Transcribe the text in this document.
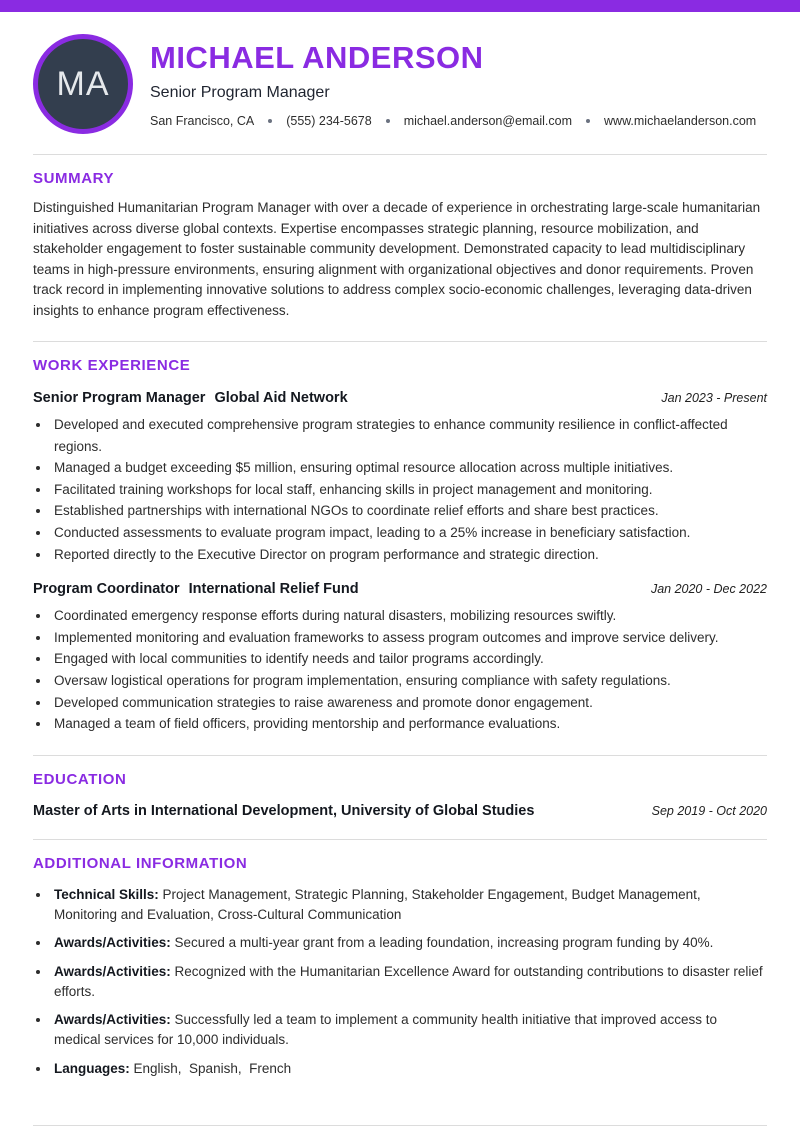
MA
MICHAEL ANDERSON
Senior Program Manager
San Francisco, CA	(555) 234-5678	michael.anderson@email.com	www.michaelanderson.com
SUMMARY

Distinguished Humanitarian Program Manager with over a decade of experience in orchestrating large-scale humanitarian initiatives across diverse global contexts. Expertise encompasses strategic planning, resource mobilization, and stakeholder engagement to foster sustainable community development. Demonstrated capacity to lead multidisciplinary teams in high-pressure environments, ensuring alignment with organizational objectives and donor requirements. Proven track record in implementing innovative solutions to address complex socio-economic challenges, leveraging data-driven insights to enhance program effectiveness.

WORK EXPERIENCE
Senior Program Manager Global Aid Network	Jan 2023 - Present
• Developed and executed comprehensive program strategies to enhance community resilience in conflict-affected regions.
• Managed a budget exceeding $5 million, ensuring optimal resource allocation across multiple initiatives.
• Facilitated training workshops for local staff, enhancing skills in project management and monitoring.
• Established partnerships with international NGOs to coordinate relief efforts and share best practices.
• Conducted assessments to evaluate program impact, leading to a 25% increase in beneficiary satisfaction.
• Reported directly to the Executive Director on program performance and strategic direction.
Program Coordinator International Relief Fund	Jan 2020 - Dec 2022
• Coordinated emergency response efforts during natural disasters, mobilizing resources swiftly.
• Implemented monitoring and evaluation frameworks to assess program outcomes and improve service delivery.
• Engaged with local communities to identify needs and tailor programs accordingly.
• Oversaw logistical operations for program implementation, ensuring compliance with safety regulations.
• Developed communication strategies to raise awareness and promote donor engagement.
• Managed a team of field officers, providing mentorship and performance evaluations.
EDUCATION
Master of Arts in International Development, University of Global Studies	Sep 2019 - Oct 2020
ADDITIONAL INFORMATION
• Technical Skills: Project Management, Strategic Planning, Stakeholder Engagement, Budget Management, Monitoring and Evaluation, Cross-Cultural Communication
• Awards/Activities: Secured a multi-year grant from a leading foundation, increasing program funding by 40%.
• Awards/Activities: Recognized with the Humanitarian Excellence Award for outstanding contributions to disaster relief efforts.
• Awards/Activities: Successfully led a team to implement a community health initiative that improved access to medical services for 10,000 individuals.
• Languages: English,  Spanish,  French
